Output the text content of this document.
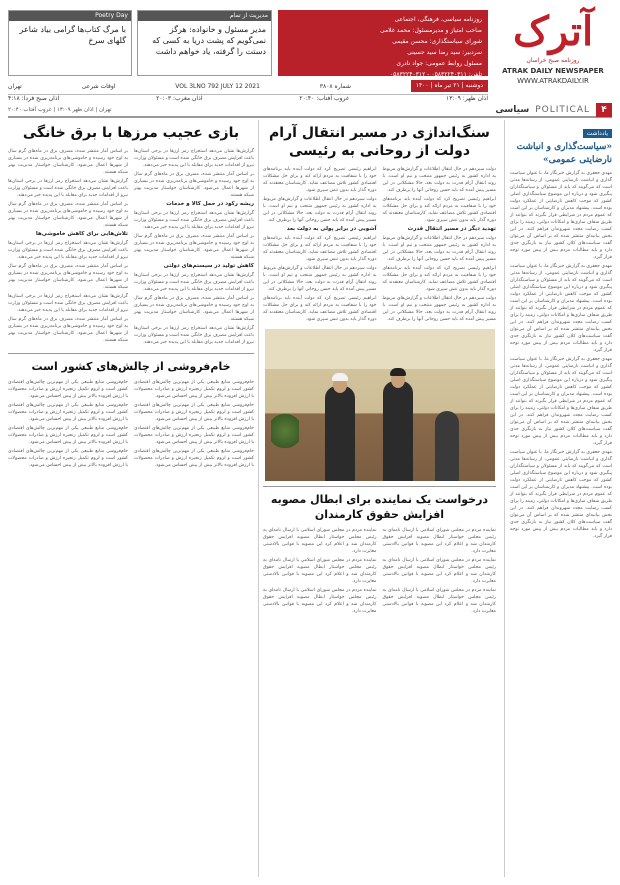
آترک
روزنامه صبح خراسان
ATRAK DAILY NEWSPAPER
WWW.ATRAKDAILY.IR

روزنامه سیاسی، فرهنگی، اجتماعی

صاحب امتیاز و مدیرمسئول: محمد غلامی

شورای سیاستگذاری: محسن مقیمی

سردبیر: سید رضا سید حسینی

مسئول روابط عمومی: جواد نادری

تلفن: ۰۵۸۳۲۲۴۰۳۱۱ - ۰۵۸۳۲۲۴۰۳۱۲

مدیریت از تمام
مدیر مسئول و خانواده: هرگز نمی‌گویم که پشت دریا به کسی که دستت را گرفته، یاد خواهم داشت
Poetry Day
با مرگ کتاب‌ها گرامی بیاد شاعر گلهای سرخ
دوشنبه | ۲۱ تیر ماه | ۱۴۰۰
شماره ۳۸۰۸
VOL 3LNO 792 JULY 12 2021
اوقات شرعی
تهران
اذان ظهر: ۱۳:۰۹
غروب آفتاب: ۲۰:۴۰
اذان مغرب: ۲۰:۰۳
اذان صبح فردا: ۴:۱۸
۴
POLITICAL
سیاسی
تهران | اذان ظهر ۱۳:۰۹ | غروب آفتاب ۲۰:۴۰
یادداشت
«سیاست‌گذاری و انباشت نارضایتی عمومی»

مهدی جعفری به گزارش خبرنگار ما، با عنوان سیاست گذاری و انباشت نارضایتی عمومی، از رسانه‌ها مدتی است که می‌گویند که باید از مسئولان و سیاستگذاران پیگیری شود و درباره این موضوع سیاستگذاری اصلی کشور که موجب کاهش نارضایتی از عملکرد دولت بوده است. پیشنهاد مدیران و کارشناسان بر این است که عموم مردم در شرایطی قرار بگیرند که بتوانند از طریق شفاف سازی‌ها و امکانات دولتی، زمینه را برای کسب رضایت مجدد شهروندان فراهم کنند. در این بخش بیانیه‌ای منتشر شده که بر اساس آن می‌توان گفت سیاست‌های کلان کشور نیاز به بازنگری جدی دارد و باید مطالبات مردم بیش از پیش مورد توجه قرار گیرد.

مهدی جعفری به گزارش خبرنگار ما، با عنوان سیاست گذاری و انباشت نارضایتی عمومی، از رسانه‌ها مدتی است که می‌گویند که باید از مسئولان و سیاستگذاران پیگیری شود و درباره این موضوع سیاستگذاری اصلی کشور که موجب کاهش نارضایتی از عملکرد دولت بوده است. پیشنهاد مدیران و کارشناسان بر این است که عموم مردم در شرایطی قرار بگیرند که بتوانند از طریق شفاف سازی‌ها و امکانات دولتی، زمینه را برای کسب رضایت مجدد شهروندان فراهم کنند. در این بخش بیانیه‌ای منتشر شده که بر اساس آن می‌توان گفت سیاست‌های کلان کشور نیاز به بازنگری جدی دارد و باید مطالبات مردم بیش از پیش مورد توجه قرار گیرد.

مهدی جعفری به گزارش خبرنگار ما، با عنوان سیاست گذاری و انباشت نارضایتی عمومی، از رسانه‌ها مدتی است که می‌گویند که باید از مسئولان و سیاستگذاران پیگیری شود و درباره این موضوع سیاستگذاری اصلی کشور که موجب کاهش نارضایتی از عملکرد دولت بوده است. پیشنهاد مدیران و کارشناسان بر این است که عموم مردم در شرایطی قرار بگیرند که بتوانند از طریق شفاف سازی‌ها و امکانات دولتی، زمینه را برای کسب رضایت مجدد شهروندان فراهم کنند. در این بخش بیانیه‌ای منتشر شده که بر اساس آن می‌توان گفت سیاست‌های کلان کشور نیاز به بازنگری جدی دارد و باید مطالبات مردم بیش از پیش مورد توجه قرار گیرد.

مهدی جعفری به گزارش خبرنگار ما، با عنوان سیاست گذاری و انباشت نارضایتی عمومی، از رسانه‌ها مدتی است که می‌گویند که باید از مسئولان و سیاستگذاران پیگیری شود و درباره این موضوع سیاستگذاری اصلی کشور که موجب کاهش نارضایتی از عملکرد دولت بوده است. پیشنهاد مدیران و کارشناسان بر این است که عموم مردم در شرایطی قرار بگیرند که بتوانند از طریق شفاف سازی‌ها و امکانات دولتی، زمینه را برای کسب رضایت مجدد شهروندان فراهم کنند. در این بخش بیانیه‌ای منتشر شده که بر اساس آن می‌توان گفت سیاست‌های کلان کشور نیاز به بازنگری جدی دارد و باید مطالبات مردم بیش از پیش مورد توجه قرار گیرد.

سنگ‌اندازی در مسیر انتقال آرام دولت از روحانی به رئیسی

دولت سیزدهم در حال انتقال اطلاعات و گزارش‌های مربوط به اداره کشور به رئیس جمهور منتخب و تیم او است. با روند انتقال آرام قدرت به دولت بعد، حالا مشکلاتی در این مسیر پیش آمده که باید حسن روحانی آنها را برطرف کند.

ابراهیم رئیسی تصریح کرد که دولت آینده باید برنامه‌های خود را با شفافیت به مردم ارائه کند و برای حل مشکلات اقتصادی کشور تلاش مضاعف نماید. کارشناسان معتقدند که دوره گذار باید بدون تنش سپری شود.

تهدید دیگر در مسیر انتقال قدرت

دولت سیزدهم در حال انتقال اطلاعات و گزارش‌های مربوط به اداره کشور به رئیس جمهور منتخب و تیم او است. با روند انتقال آرام قدرت به دولت بعد، حالا مشکلاتی در این مسیر پیش آمده که باید حسن روحانی آنها را برطرف کند.

ابراهیم رئیسی تصریح کرد که دولت آینده باید برنامه‌های خود را با شفافیت به مردم ارائه کند و برای حل مشکلات اقتصادی کشور تلاش مضاعف نماید. کارشناسان معتقدند که دوره گذار باید بدون تنش سپری شود.

دولت سیزدهم در حال انتقال اطلاعات و گزارش‌های مربوط به اداره کشور به رئیس جمهور منتخب و تیم او است. با روند انتقال آرام قدرت به دولت بعد، حالا مشکلاتی در این مسیر پیش آمده که باید حسن روحانی آنها را برطرف کند.

ابراهیم رئیسی تصریح کرد که دولت آینده باید برنامه‌های خود را با شفافیت به مردم ارائه کند و برای حل مشکلات اقتصادی کشور تلاش مضاعف نماید. کارشناسان معتقدند که دوره گذار باید بدون تنش سپری شود.

دولت سیزدهم در حال انتقال اطلاعات و گزارش‌های مربوط به اداره کشور به رئیس جمهور منتخب و تیم او است. با روند انتقال آرام قدرت به دولت بعد، حالا مشکلاتی در این مسیر پیش آمده که باید حسن روحانی آنها را برطرف کند.

آشوبی در برابر پولی به دولت بعد

ابراهیم رئیسی تصریح کرد که دولت آینده باید برنامه‌های خود را با شفافیت به مردم ارائه کند و برای حل مشکلات اقتصادی کشور تلاش مضاعف نماید. کارشناسان معتقدند که دوره گذار باید بدون تنش سپری شود.

دولت سیزدهم در حال انتقال اطلاعات و گزارش‌های مربوط به اداره کشور به رئیس جمهور منتخب و تیم او است. با روند انتقال آرام قدرت به دولت بعد، حالا مشکلاتی در این مسیر پیش آمده که باید حسن روحانی آنها را برطرف کند.

ابراهیم رئیسی تصریح کرد که دولت آینده باید برنامه‌های خود را با شفافیت به مردم ارائه کند و برای حل مشکلات اقتصادی کشور تلاش مضاعف نماید. کارشناسان معتقدند که دوره گذار باید بدون تنش سپری شود.

درخواست یک نماینده برای ابطال مصوبه افزایش حقوق کارمندان

نماینده مردم در مجلس شورای اسلامی با ارسال نامه‌ای به رئیس مجلس خواستار ابطال مصوبه افزایش حقوق کارمندان شد و اعلام کرد این مصوبه با قوانین بالادستی مغایرت دارد.

نماینده مردم در مجلس شورای اسلامی با ارسال نامه‌ای به رئیس مجلس خواستار ابطال مصوبه افزایش حقوق کارمندان شد و اعلام کرد این مصوبه با قوانین بالادستی مغایرت دارد.

نماینده مردم در مجلس شورای اسلامی با ارسال نامه‌ای به رئیس مجلس خواستار ابطال مصوبه افزایش حقوق کارمندان شد و اعلام کرد این مصوبه با قوانین بالادستی مغایرت دارد.

نماینده مردم در مجلس شورای اسلامی با ارسال نامه‌ای به رئیس مجلس خواستار ابطال مصوبه افزایش حقوق کارمندان شد و اعلام کرد این مصوبه با قوانین بالادستی مغایرت دارد.

نماینده مردم در مجلس شورای اسلامی با ارسال نامه‌ای به رئیس مجلس خواستار ابطال مصوبه افزایش حقوق کارمندان شد و اعلام کرد این مصوبه با قوانین بالادستی مغایرت دارد.

نماینده مردم در مجلس شورای اسلامی با ارسال نامه‌ای به رئیس مجلس خواستار ابطال مصوبه افزایش حقوق کارمندان شد و اعلام کرد این مصوبه با قوانین بالادستی مغایرت دارد.

بازی عجیب مرزها با برق خانگی

گزارش‌ها نشان می‌دهد استخراج رمز ارزها در برخی استان‌ها باعث افزایش مصرف برق خانگی شده است و مسئولان وزارت نیرو از اقدامات جدید برای مقابله با این پدیده خبر می‌دهند.

بر اساس آمار منتشر شده، مصرف برق در ماه‌های گرم سال به اوج خود رسیده و خاموشی‌های برنامه‌ریزی شده در بسیاری از شهرها اعمال می‌شود. کارشناسان خواستار مدیریت بهتر شبکه هستند.

ریشه رکود در حمل کالا و خدمات

گزارش‌ها نشان می‌دهد استخراج رمز ارزها در برخی استان‌ها باعث افزایش مصرف برق خانگی شده است و مسئولان وزارت نیرو از اقدامات جدید برای مقابله با این پدیده خبر می‌دهند.

بر اساس آمار منتشر شده، مصرف برق در ماه‌های گرم سال به اوج خود رسیده و خاموشی‌های برنامه‌ریزی شده در بسیاری از شهرها اعمال می‌شود. کارشناسان خواستار مدیریت بهتر شبکه هستند.

کاهش تولید در سیستم‌های دولتی

گزارش‌ها نشان می‌دهد استخراج رمز ارزها در برخی استان‌ها باعث افزایش مصرف برق خانگی شده است و مسئولان وزارت نیرو از اقدامات جدید برای مقابله با این پدیده خبر می‌دهند.

بر اساس آمار منتشر شده، مصرف برق در ماه‌های گرم سال به اوج خود رسیده و خاموشی‌های برنامه‌ریزی شده در بسیاری از شهرها اعمال می‌شود. کارشناسان خواستار مدیریت بهتر شبکه هستند.

گزارش‌ها نشان می‌دهد استخراج رمز ارزها در برخی استان‌ها باعث افزایش مصرف برق خانگی شده است و مسئولان وزارت نیرو از اقدامات جدید برای مقابله با این پدیده خبر می‌دهند.

بر اساس آمار منتشر شده، مصرف برق در ماه‌های گرم سال به اوج خود رسیده و خاموشی‌های برنامه‌ریزی شده در بسیاری از شهرها اعمال می‌شود. کارشناسان خواستار مدیریت بهتر شبکه هستند.

گزارش‌ها نشان می‌دهد استخراج رمز ارزها در برخی استان‌ها باعث افزایش مصرف برق خانگی شده است و مسئولان وزارت نیرو از اقدامات جدید برای مقابله با این پدیده خبر می‌دهند.

بر اساس آمار منتشر شده، مصرف برق در ماه‌های گرم سال به اوج خود رسیده و خاموشی‌های برنامه‌ریزی شده در بسیاری از شهرها اعمال می‌شود. کارشناسان خواستار مدیریت بهتر شبکه هستند.

تلاش‌هایی برای کاهش خاموشی‌ها

گزارش‌ها نشان می‌دهد استخراج رمز ارزها در برخی استان‌ها باعث افزایش مصرف برق خانگی شده است و مسئولان وزارت نیرو از اقدامات جدید برای مقابله با این پدیده خبر می‌دهند.

بر اساس آمار منتشر شده، مصرف برق در ماه‌های گرم سال به اوج خود رسیده و خاموشی‌های برنامه‌ریزی شده در بسیاری از شهرها اعمال می‌شود. کارشناسان خواستار مدیریت بهتر شبکه هستند.

گزارش‌ها نشان می‌دهد استخراج رمز ارزها در برخی استان‌ها باعث افزایش مصرف برق خانگی شده است و مسئولان وزارت نیرو از اقدامات جدید برای مقابله با این پدیده خبر می‌دهند.

بر اساس آمار منتشر شده، مصرف برق در ماه‌های گرم سال به اوج خود رسیده و خاموشی‌های برنامه‌ریزی شده در بسیاری از شهرها اعمال می‌شود. کارشناسان خواستار مدیریت بهتر شبکه هستند.

خام‌فروشی از چالش‌های کشور است

خام‌فروشی منابع طبیعی یکی از مهم‌ترین چالش‌های اقتصادی کشور است و لزوم تکمیل زنجیره ارزش و صادرات محصولات با ارزش افزوده بالاتر بیش از پیش احساس می‌شود.

خام‌فروشی منابع طبیعی یکی از مهم‌ترین چالش‌های اقتصادی کشور است و لزوم تکمیل زنجیره ارزش و صادرات محصولات با ارزش افزوده بالاتر بیش از پیش احساس می‌شود.

خام‌فروشی منابع طبیعی یکی از مهم‌ترین چالش‌های اقتصادی کشور است و لزوم تکمیل زنجیره ارزش و صادرات محصولات با ارزش افزوده بالاتر بیش از پیش احساس می‌شود.

خام‌فروشی منابع طبیعی یکی از مهم‌ترین چالش‌های اقتصادی کشور است و لزوم تکمیل زنجیره ارزش و صادرات محصولات با ارزش افزوده بالاتر بیش از پیش احساس می‌شود.

خام‌فروشی منابع طبیعی یکی از مهم‌ترین چالش‌های اقتصادی کشور است و لزوم تکمیل زنجیره ارزش و صادرات محصولات با ارزش افزوده بالاتر بیش از پیش احساس می‌شود.

خام‌فروشی منابع طبیعی یکی از مهم‌ترین چالش‌های اقتصادی کشور است و لزوم تکمیل زنجیره ارزش و صادرات محصولات با ارزش افزوده بالاتر بیش از پیش احساس می‌شود.

خام‌فروشی منابع طبیعی یکی از مهم‌ترین چالش‌های اقتصادی کشور است و لزوم تکمیل زنجیره ارزش و صادرات محصولات با ارزش افزوده بالاتر بیش از پیش احساس می‌شود.

خام‌فروشی منابع طبیعی یکی از مهم‌ترین چالش‌های اقتصادی کشور است و لزوم تکمیل زنجیره ارزش و صادرات محصولات با ارزش افزوده بالاتر بیش از پیش احساس می‌شود.
